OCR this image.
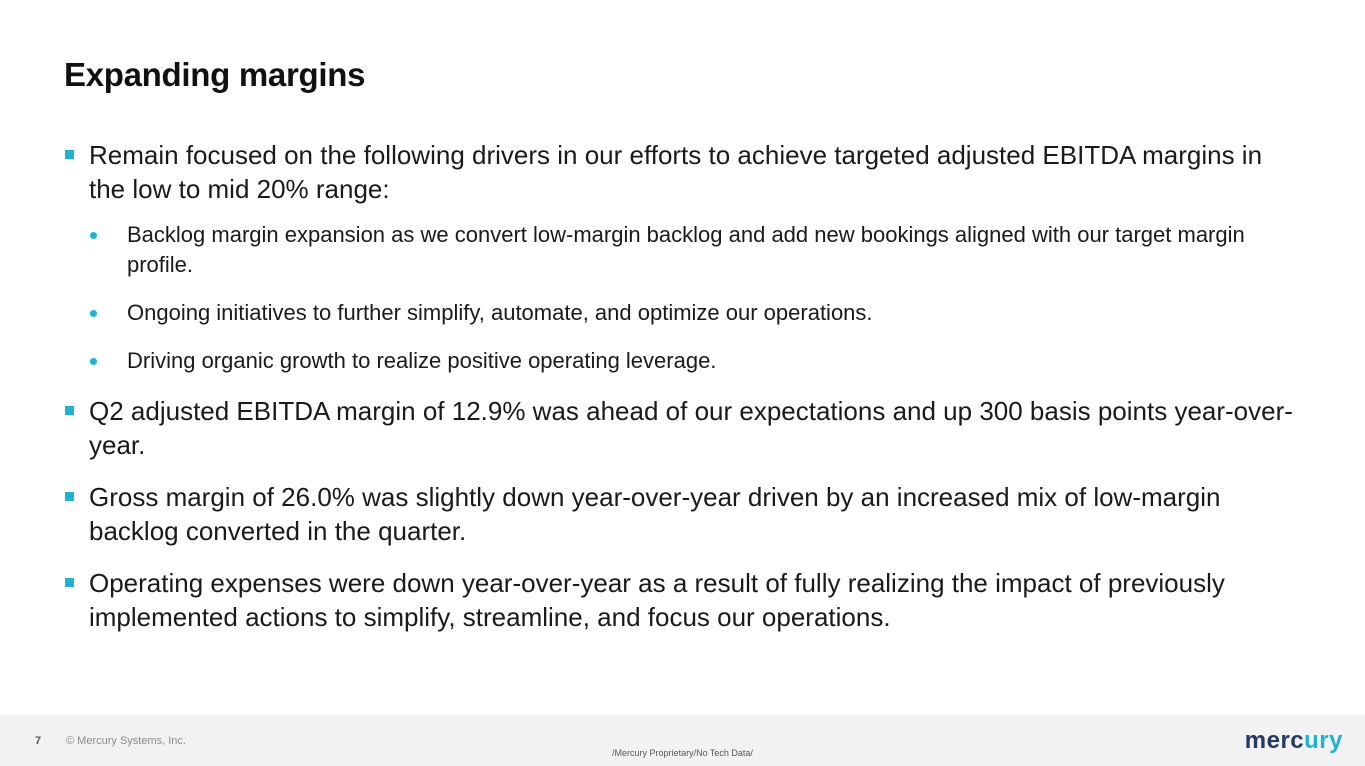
Expanding margins
Remain focused on the following drivers in our efforts to achieve targeted adjusted EBITDA margins in the low to mid 20% range:
Backlog margin expansion as we convert low-margin backlog and add new bookings aligned with our target margin profile.
Ongoing initiatives to further simplify, automate, and optimize our operations.
Driving organic growth to realize positive operating leverage.
Q2 adjusted EBITDA margin of 12.9% was ahead of our expectations and up 300 basis points year-over-year.
Gross margin of 26.0% was slightly down year-over-year driven by an increased mix of low-margin backlog converted in the quarter.
Operating expenses were down year-over-year as a result of fully realizing the impact of previously implemented actions to simplify, streamline, and focus our operations.
7 © Mercury Systems, Inc.
/Mercury Proprietary/No Tech Data/	mercury
